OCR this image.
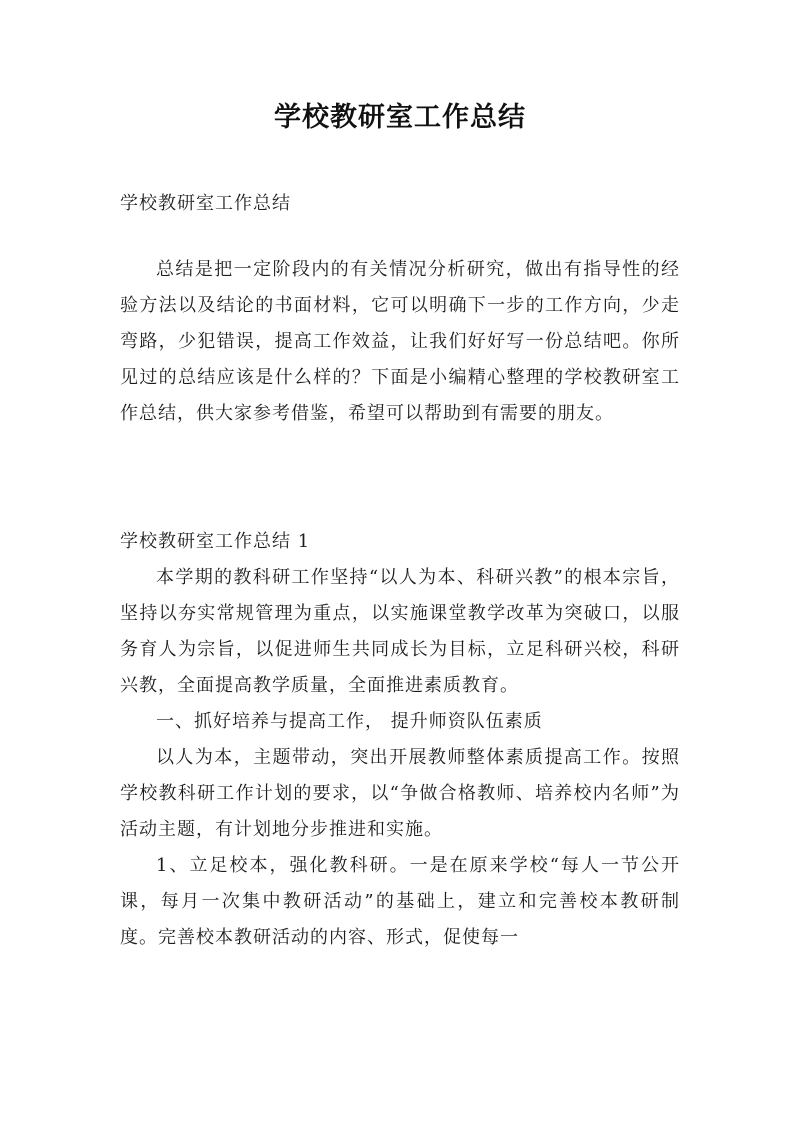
学校教研室工作总结
学校教研室工作总结

总结是把一定阶段内的有关情况分析研究，做出有指导性的经验方法以及结论的书面材料，它可以明确下一步的工作方向，少走弯路，少犯错误，提高工作效益，让我们好好写一份总结吧。你所见过的总结应该是什么样的？下面是小编精心整理的学校教研室工作总结，供大家参考借鉴，希望可以帮助到有需要的朋友。

学校教研室工作总结 1

本学期的教科研工作坚持“以人为本、科研兴教”的根本宗旨，坚持以夯实常规管理为重点，以实施课堂教学改革为突破口，以服务育人为宗旨，以促进师生共同成长为目标，立足科研兴校，科研兴教，全面提高教学质量，全面推进素质教育。

一、抓好培养与提高工作， 提升师资队伍素质

以人为本，主题带动，突出开展教师整体素质提高工作。按照学校教科研工作计划的要求，以“争做合格教师、培养校内名师”为活动主题，有计划地分步推进和实施。

1、立足校本，强化教科研。一是在原来学校“每人一节公开课，每月一次集中教研活动”的基础上，建立和完善校本教研制度。完善校本教研活动的内容、形式，促使每一
